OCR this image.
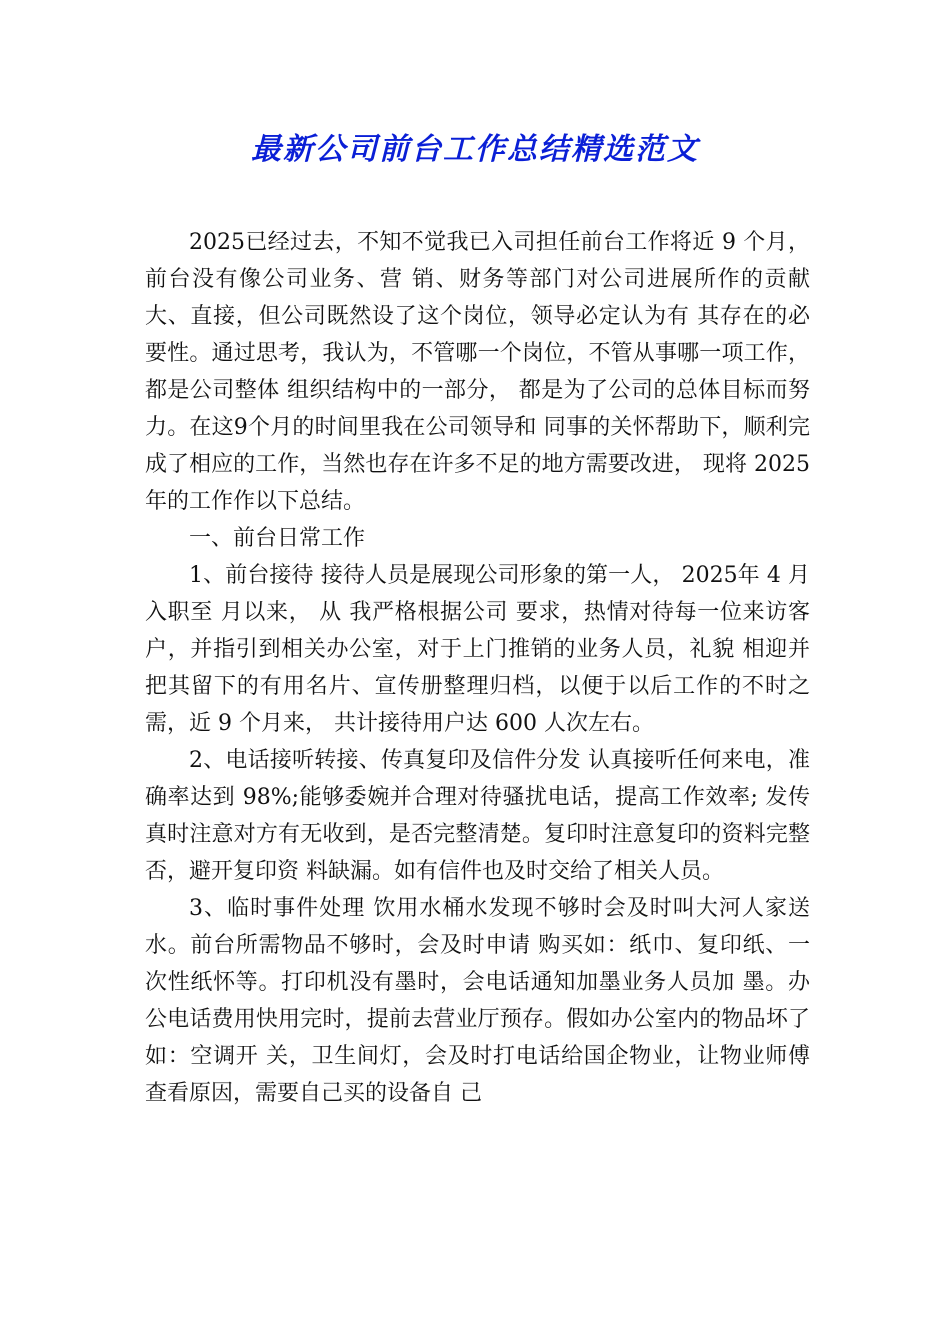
最新公司前台工作总结精选范文

2025已经过去，不知不觉我已入司担任前台工作将近 9 个月，前台没有像公司业务、营 销、财务等部门对公司进展所作的贡献大、直接，但公司既然设了这个岗位，领导必定认为有 其存在的必要性。通过思考，我认为，不管哪一个岗位，不管从事哪一项工作，都是公司整体 组织结构中的一部分， 都是为了公司的总体目标而努力。在这9个月的时间里我在公司领导和 同事的关怀帮助下，顺利完成了相应的工作，当然也存在许多不足的地方需要改进， 现将 2025年的工作作以下总结。

一、前台日常工作

1、前台接待 接待人员是展现公司形象的第一人， 2025年 4 月入职至 月以来， 从 我严格根据公司 要求，热情对待每一位来访客户，并指引到相关办公室，对于上门推销的业务人员，礼貌 相迎并把其留下的有用名片、宣传册整理归档，以便于以后工作的不时之需，近 9 个月来， 共计接待用户达 600 人次左右。

2、电话接听转接、传真复印及信件分发 认真接听任何来电，准确率达到 98%;能够委婉并合理对待骚扰电话，提高工作效率; 发传真时注意对方有无收到，是否完整清楚。复印时注意复印的资料完整否，避开复印资 料缺漏。如有信件也及时交给了相关人员。

3、临时事件处理 饮用水桶水发现不够时会及时叫大河人家送水。前台所需物品不够时，会及时申请 购买如：纸巾、复印纸、一次性纸怀等。打印机没有墨时，会电话通知加墨业务人员加 墨。办公电话费用快用完时，提前去营业厅预存。假如办公室内的物品坏了如：空调开 关，卫生间灯，会及时打电话给国企物业，让物业师傅查看原因，需要自己买的设备自 己
